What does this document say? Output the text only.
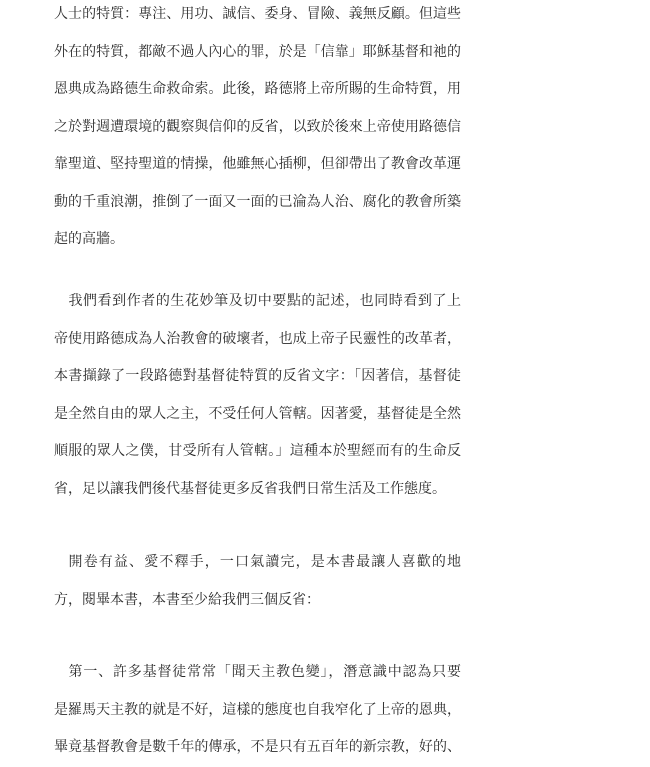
人士的特質：專注、用功、誠信、委身、冒險、義無反顧。但這些
外在的特質，都敵不過人內心的罪，於是「信靠」耶穌基督和祂的
恩典成為路德生命救命索。此後，路德將上帝所賜的生命特質，用
之於對週遭環境的觀察與信仰的反省，以致於後來上帝使用路德信
靠聖道、堅持聖道的情操，他雖無心插柳，但卻帶出了教會改革運
動的千重浪潮，推倒了一面又一面的已淪為人治、腐化的教會所築
起的高牆。
我們看到作者的生花妙筆及切中要點的記述，也同時看到了上
帝使用路德成為人治教會的破壞者，也成上帝子民靈性的改革者，
本書擷錄了一段路德對基督徒特質的反省文字：「因著信，基督徒
是全然自由的眾人之主，不受任何人管轄。因著愛，基督徒是全然
順服的眾人之僕，甘受所有人管轄。」這種本於聖經而有的生命反
省，足以讓我們後代基督徒更多反省我們日常生活及工作態度。
開卷有益、愛不釋手，一口氣讀完，是本書最讓人喜歡的地
方，閱畢本書，本書至少給我們三個反省：
第一、許多基督徒常常「聞天主教色變」，潛意識中認為只要
是羅馬天主教的就是不好，這樣的態度也自我窄化了上帝的恩典，
畢竟基督教會是數千年的傳承，不是只有五百年的新宗教，好的、
